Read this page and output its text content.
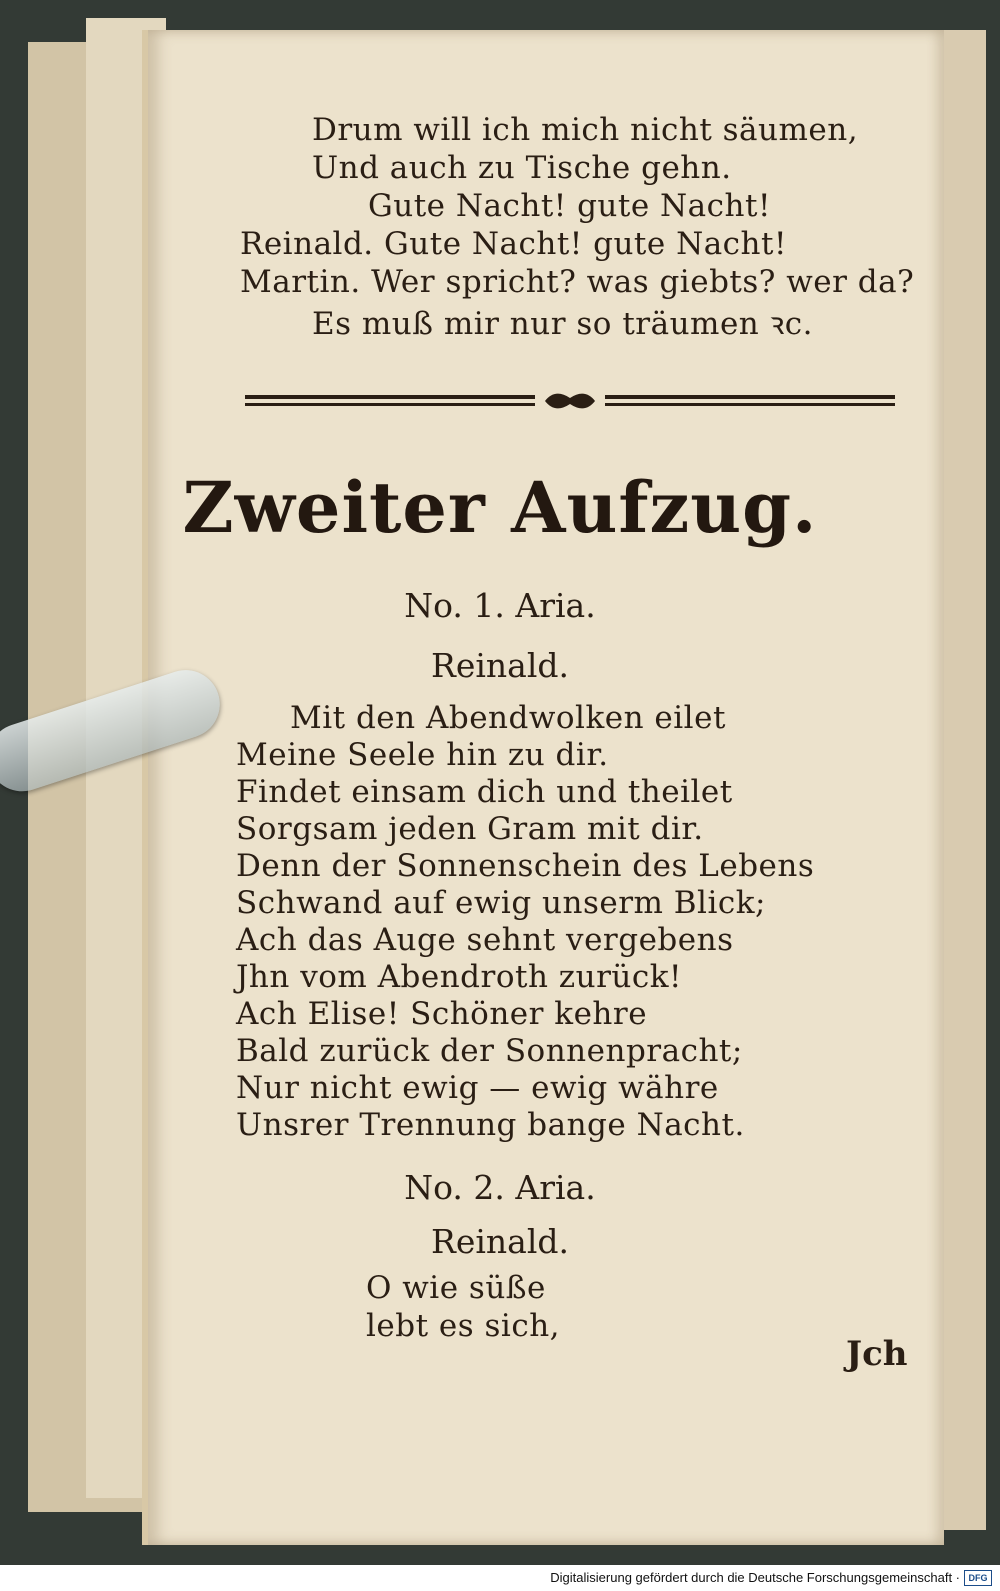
Drum will ich mich nicht säumen,
Und auch zu Tische gehn.
Gute Nacht! gute Nacht!
Reinald. Gute Nacht! gute Nacht!
Martin. Wer spricht? was giebts? wer da?
Es muß mir nur so träumen ꝛc.
Zweiter Aufzug.
No. 1. Aria.
Reinald.
Mit den Abendwolken eilet
Meine Seele hin zu dir.
Findet einsam dich und theilet
Sorgsam jeden Gram mit dir.
Denn der Sonnenschein des Lebens
Schwand auf ewig unserm Blick;
Ach das Auge sehnt vergebens
Jhn vom Abendroth zurück!
Ach Elise! Schöner kehre
Bald zurück der Sonnenpracht;
Nur nicht ewig — ewig währe
Unsrer Trennung bange Nacht.
No. 2. Aria.
Reinald.
O wie süße
lebt es sich,
Jch
Digitalisierung gefördert durch die Deutsche Forschungsgemeinschaft · DFG
